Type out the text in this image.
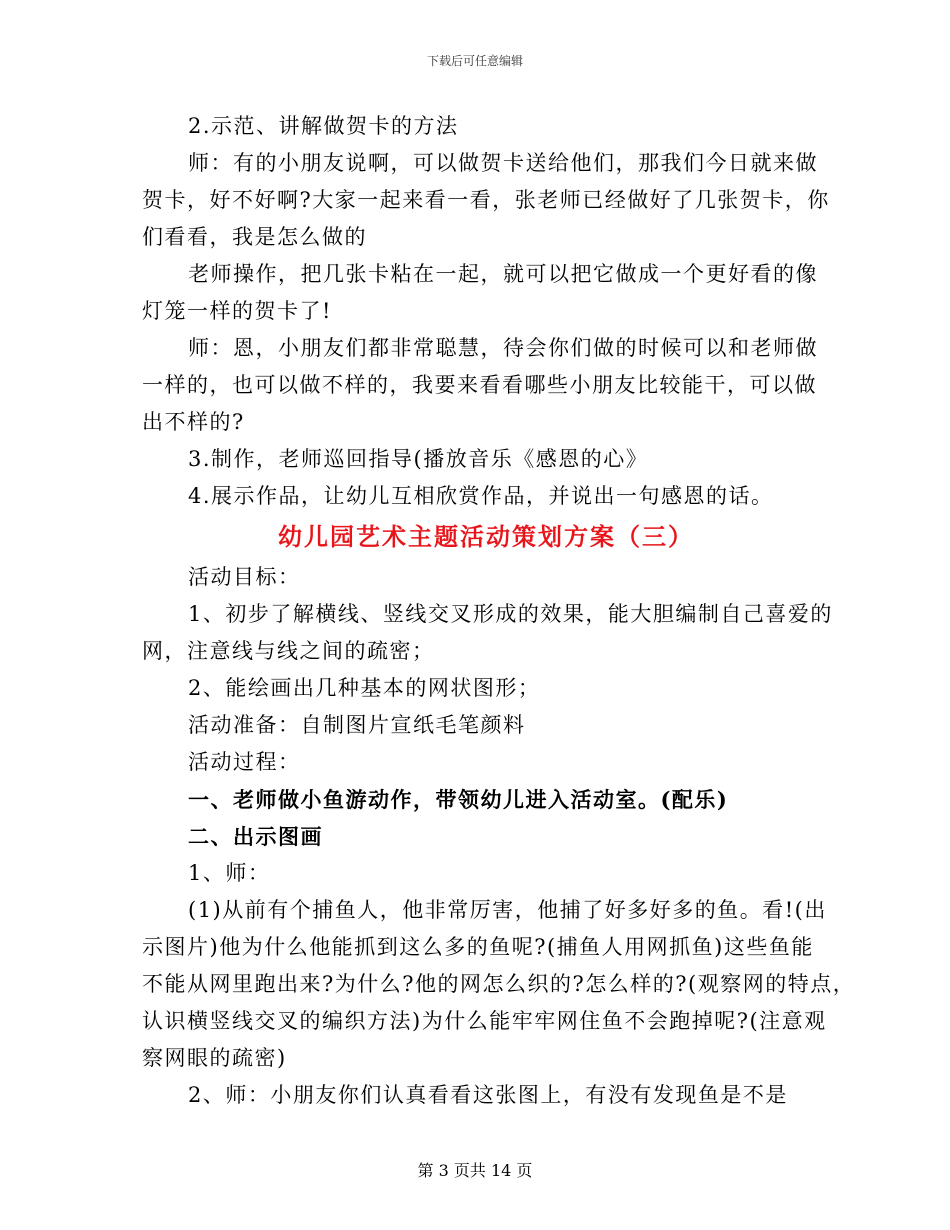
下载后可任意编辑

2.示范、讲解做贺卡的方法

师：有的小朋友说啊，可以做贺卡送给他们，那我们今日就来做

贺卡，好不好啊?大家一起来看一看，张老师已经做好了几张贺卡，你

们看看，我是怎么做的

老师操作，把几张卡粘在一起，就可以把它做成一个更好看的像

灯笼一样的贺卡了!

师：恩，小朋友们都非常聪慧，待会你们做的时候可以和老师做

一样的，也可以做不样的，我要来看看哪些小朋友比较能干，可以做

出不样的?

3.制作，老师巡回指导(播放音乐《感恩的心》

4.展示作品，让幼儿互相欣赏作品，并说出一句感恩的话。

幼儿园艺术主题活动策划方案（三）

活动目标：

1、初步了解横线、竖线交叉形成的效果，能大胆编制自己喜爱的

网，注意线与线之间的疏密；

2、能绘画出几种基本的网状图形；

活动准备：自制图片宣纸毛笔颜料

活动过程：

一、老师做小鱼游动作，带领幼儿进入活动室。(配乐)

二、出示图画

1、师：

(1)从前有个捕鱼人，他非常厉害，他捕了好多好多的鱼。看!(出

示图片)他为什么他能抓到这么多的鱼呢?(捕鱼人用网抓鱼)这些鱼能

不能从网里跑出来?为什么?他的网怎么织的?怎么样的?(观察网的特点，

认识横竖线交叉的编织方法)为什么能牢牢网住鱼不会跑掉呢?(注意观

察网眼的疏密)

2、师：小朋友你们认真看看这张图上，有没有发现鱼是不是

第 3 页共 14 页
